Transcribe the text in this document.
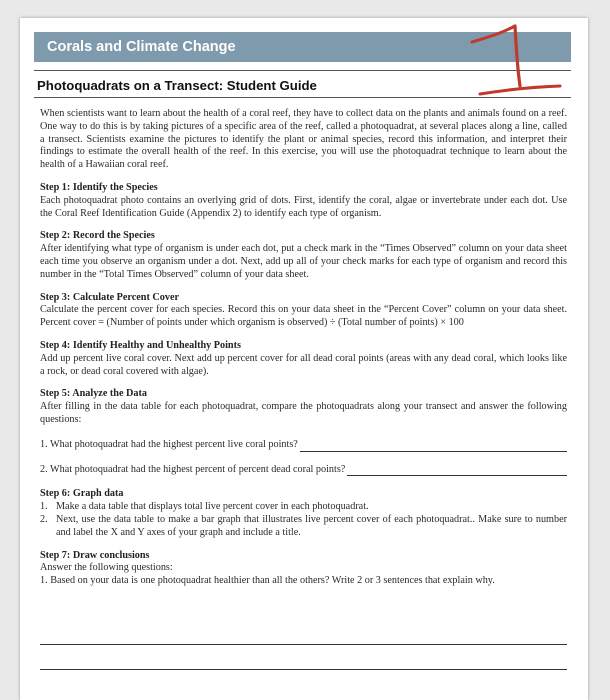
Corals and Climate Change
Photoquadrats on a Transect: Student Guide

When scientists want to learn about the health of a coral reef, they have to collect data on the plants and animals found on a reef. One way to do this is by taking pictures of a specific area of the reef, called a photoquadrat, at several places along a line, called a transect. Scientists examine the pictures to identify the plant or animal species, record this information, and interpret their findings to estimate the overall health of the reef. In this exercise, you will use the photoquadrat technique to learn about the health of a Hawaiian coral reef.

Step 1: Identify the Species

Each photoquadrat photo contains an overlying grid of dots. First, identify the coral, algae or invertebrate under each dot. Use the Coral Reef Identification Guide (Appendix 2) to identify each type of organism.

Step 2: Record the Species

After identifying what type of organism is under each dot, put a check mark in the “Times Observed” column on your data sheet each time you observe an organism under a dot. Next, add up all of your check marks for each type of organism and record this number in the “Total Times Observed” column of your data sheet.

Step 3: Calculate Percent Cover

Calculate the percent cover for each species. Record this on your data sheet in the “Percent Cover” column on your data sheet. Percent cover = (Number of points under which organism is observed) ÷ (Total number of points) × 100

Step 4: Identify Healthy and Unhealthy Points

Add up percent live coral cover. Next add up percent cover for all dead coral points (areas with any dead coral, which looks like a rock, or dead coral covered with algae).

Step 5: Analyze the Data

After filling in the data table for each photoquadrat, compare the photoquadrats along your transect and answer the following questions:

1. What photoquadrat had the highest percent live coral points?
2. What photoquadrat had the highest percent of percent dead coral points?

Step 6: Graph data

1. Make a data table that displays total live percent cover in each photoquadrat.
2. Next, use the data table to make a bar graph that illustrates live percent cover of each photoquadrat.. Make sure to number and label the X and Y axes of your graph and include a title.

Step 7: Draw conclusions

Answer the following questions:

1. Based on your data is one photoquadrat healthier than all the others? Write 2 or 3 sentences that explain why.
